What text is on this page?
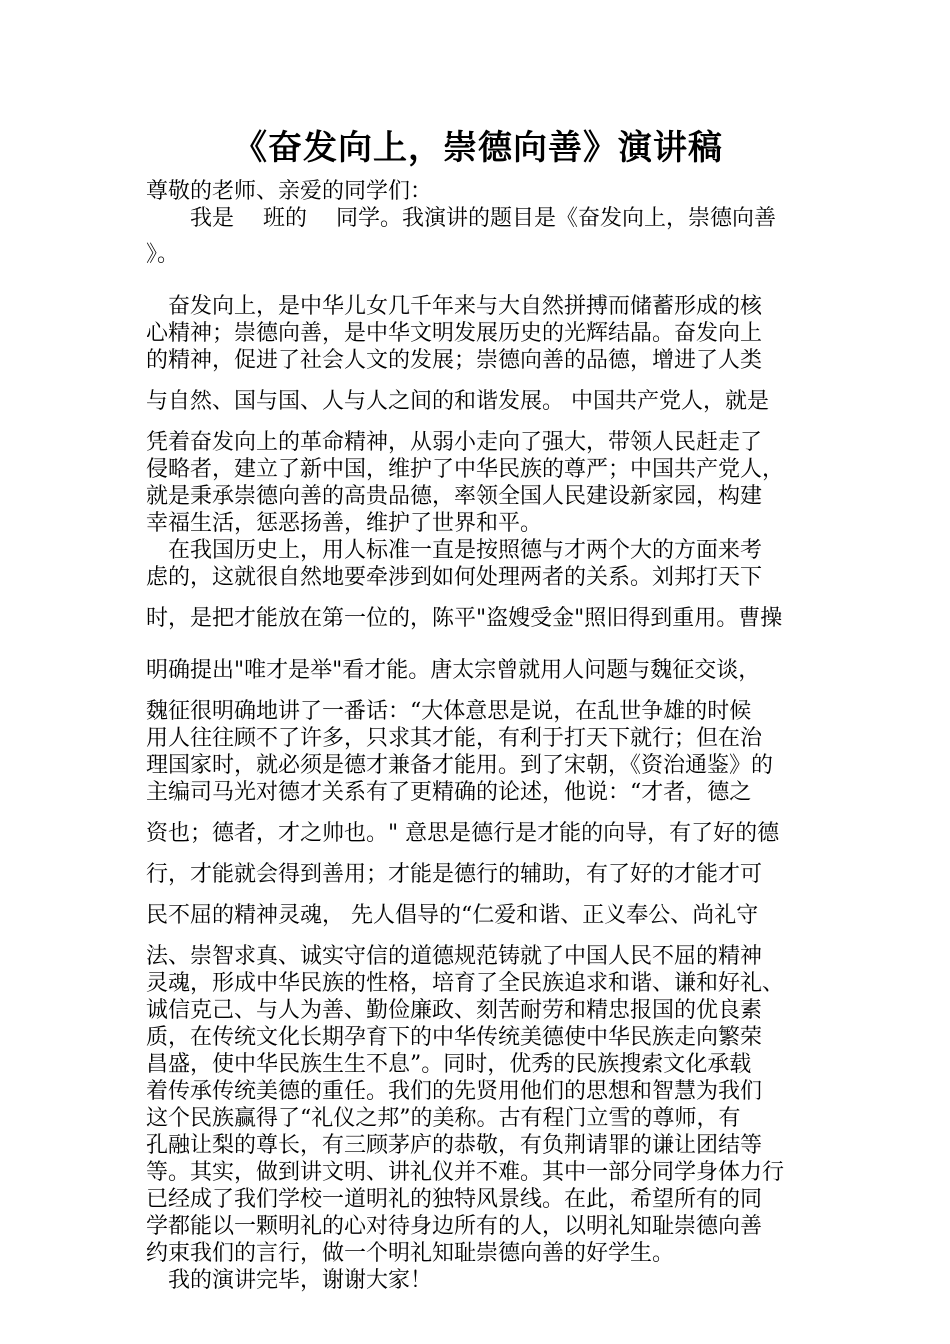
《奋发向上，崇德向善》演讲稿

尊敬的老师、亲爱的同学们：

我是　 班的　 同学。我演讲的题目是《奋发向上，崇德向善

》。

奋发向上，是中华儿女几千年来与大自然拼搏而储蓄形成的核

心精神；崇德向善，是中华文明发展历史的光辉结晶。奋发向上

的精神，促进了社会人文的发展；崇德向善的品德，增进了人类

与自然、国与国、人与人之间的和谐发展。 中国共产党人，就是

凭着奋发向上的革命精神，从弱小走向了强大，带领人民赶走了

侵略者，建立了新中国，维护了中华民族的尊严；中国共产党人，

就是秉承崇德向善的高贵品德，率领全国人民建设新家园，构建

幸福生活，惩恶扬善，维护了世界和平。

在我国历史上，用人标准一直是按照德与才两个大的方面来考

虑的，这就很自然地要牵涉到如何处理两者的关系。刘邦打天下

时，是把才能放在第一位的，陈平"盗嫂受金"照旧得到重用。曹操

明确提出"唯才是举"看才能。唐太宗曾就用人问题与魏征交谈，

魏征很明确地讲了一番话：“大体意思是说，在乱世争雄的时候

用人往往顾不了许多，只求其才能，有利于打天下就行；但在治

理国家时，就必须是德才兼备才能用。到了宋朝，《资治通鉴》的

主编司马光对德才关系有了更精确的论述，他说：“才者，德之

资也；德者，才之帅也。" 意思是德行是才能的向导，有了好的德

行，才能就会得到善用；才能是德行的辅助，有了好的才能才可

民不屈的精神灵魂， 先人倡导的“仁爱和谐、正义奉公、尚礼守

法、崇智求真、诚实守信的道德规范铸就了中国人民不屈的精神

灵魂，形成中华民族的性格，培育了全民族追求和谐、谦和好礼、

诚信克己、与人为善、勤俭廉政、刻苦耐劳和精忠报国的优良素

质，在传统文化长期孕育下的中华传统美德使中华民族走向繁荣

昌盛，使中华民族生生不息”。同时，优秀的民族搜索文化承载

着传承传统美德的重任。我们的先贤用他们的思想和智慧为我们

这个民族赢得了“礼仪之邦”的美称。古有程门立雪的尊师，有

孔融让梨的尊长，有三顾茅庐的恭敬，有负荆请罪的谦让团结等

等。其实，做到讲文明、讲礼仪并不难。其中一部分同学身体力行

已经成了我们学校一道明礼的独特风景线。在此，希望所有的同

学都能以一颗明礼的心对待身边所有的人，以明礼知耻崇德向善

约束我们的言行，做一个明礼知耻崇德向善的好学生。

我的演讲完毕，谢谢大家！
